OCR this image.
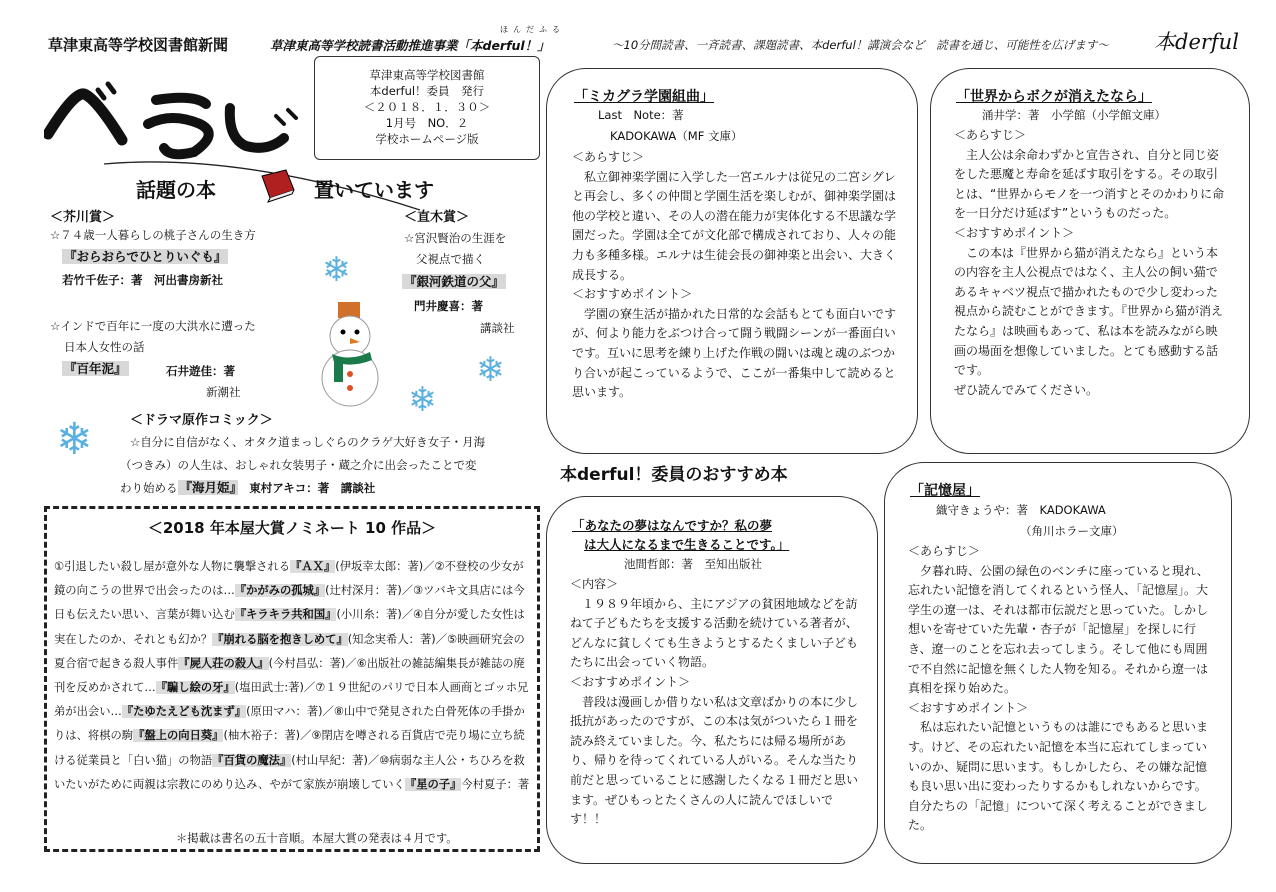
草津東高等学校図書館新聞
ほんだふる
草津東高等学校読書活動推進事業「本derful！」	～10分間読書、一斉読書、課題読書、本derful！講演会など　読書を通じ、可能性を広げます～ 本derful
草津東高等学校図書館
本derful！委員　発行
＜２０１８．１．３０＞
1月号　NO．２
学校ホームページ版
話題の本	置いています
＜芥川賞＞
☆７４歳一人暮らしの桃子さんの生き方
『おらおらでひとりいぐも』
若竹千佐子：著　河出書房新社
☆インドで百年に一度の大洪水に遭った
日本人女性の話
『百年泥』	石井遊佳：著
新潮社
＜直木賞＞
☆宮沢賢治の生涯を
父視点で描く
『銀河鉄道の父』
門井慶喜：著
講談社
❄
❄
❄
❄	＜ドラマ原作コミック＞
☆自分に自信がなく、オタク道まっしぐらのクラゲ大好き女子・月海
（つきみ）の人生は、おしゃれ女装男子・蔵之介に出会ったことで変
わり始める 『海月姫』　 東村アキコ：著　講談社
＜2018 年本屋大賞ノミネート 10 作品＞
①引退したい殺し屋が意外な人物に襲撃される『ＡＸ』(伊坂幸太郎：著)／②不登校の少女が鏡の向こうの世界で出会ったのは…『かがみの孤城』(辻村深月：著)／③ツバキ文具店には今日も伝えたい思い、言葉が舞い込む『キラキラ共和国』(小川糸：著)／④自分が愛した女性は実在したのか、それとも幻か？『崩れる脳を抱きしめて』(知念実希人：著)／⑤映画研究会の夏合宿で起きる殺人事件『屍人荘の殺人』(今村昌弘：著)／⑥出版社の雑誌編集長が雑誌の廃刊を反めかされて…『騙し絵の牙』(塩田武士:著)／⑦１９世紀のパリで日本人画商とゴッホ兄弟が出会い…『たゆたえども沈まず』(原田マハ：著)／⑧山中で発見された白骨死体の手掛かりは、将棋の駒『盤上の向日葵』(柚木裕子：著)／⑨閉店を噂される百貨店で売り場に立ち続ける従業員と「白い猫」の物語『百貨の魔法』(村山早紀：著)／⑩病弱な主人公・ちひろを救いたいがために両親は宗教にのめり込み、やがて家族が崩壊していく『星の子』今村夏子：著
＊掲載は書名の五十音順。本屋大賞の発表は４月です。
「ミカグラ学園組曲」
Last　Note：著
KADOKAWA（MF 文庫）

＜あらすじ＞

私立御神楽学園に入学した一宮エルナは従兄の二宮シグレと再会し、多くの仲間と学園生活を楽しむが、御神楽学園は他の学校と違い、その人の潜在能力が実体化する不思議な学園だった。学園は全てが文化部で構成されており、人々の能力も多種多様。エルナは生徒会長の御神楽と出会い、大きく成長する。

＜おすすめポイント＞

学園の寮生活が描かれた日常的な会話もとても面白いですが、何より能力をぶつけ合って闘う戦闘シーンが一番面白いです。互いに思考を練り上げた作戦の闘いは魂と魂のぶつかり合いが起こっているようで、ここが一番集中して読めると思います。

「世界からボクが消えたなら」
涌井学：著　小学館（小学館文庫）

＜あらすじ＞

主人公は余命わずかと宣告され、自分と同じ姿をした悪魔と寿命を延ばす取引をする。その取引とは、“世界からモノを一つ消すとそのかわりに命を一日分だけ延ばす”というものだった。

＜おすすめポイント＞

この本は『世界から猫が消えたなら』という本の内容を主人公視点ではなく、主人公の飼い猫であるキャベツ視点で描かれたもので少し変わった視点から読むことができます。『世界から猫が消えたなら』は映画もあって、私は本を読みながら映画の場面を想像していました。とても感動する話です。

ぜひ読んでみてください。

本derful！委員のおすすめ本
「あなたの夢はなんですか？私の夢
は大人になるまで生きることです。」
池間哲郎：著　至知出版社

＜内容＞

１９８９年頃から、主にアジアの貧困地域などを訪ねて子どもたちを支援する活動を続けている著者が、どんなに貧しくても生きようとするたくましい子どもたちに出会っていく物語。

＜おすすめポイント＞

普段は漫画しか借りない私は文章ばかりの本に少し抵抗があったのですが、この本は気がついたら１冊を読み終えていました。今、私たちには帰る場所があり、帰りを待ってくれている人がいる。そんな当たり前だと思っていることに感謝したくなる１冊だと思います。ぜひもっとたくさんの人に読んでほしいです！！

「記憶屋」
織守きょうや：著　KADOKAWA
（角川ホラー文庫）

＜あらすじ＞

夕暮れ時、公園の緑色のベンチに座っていると現れ、忘れたい記憶を消してくれるという怪人、「記憶屋」。大学生の遼一は、それは都市伝説だと思っていた。しかし想いを寄せていた先輩・杏子が「記憶屋」を探しに行き、遼一のことを忘れ去ってしまう。そして他にも周囲で不自然に記憶を無くした人物を知る。それから遼一は真相を探り始めた。

＜おすすめポイント＞

私は忘れたい記憶というものは誰にでもあると思います。けど、その忘れたい記憶を本当に忘れてしまっていいのか、疑問に思います。もしかしたら、その嫌な記憶も良い思い出に変わったりするかもしれないからです。自分たちの「記憶」について深く考えることができました。
